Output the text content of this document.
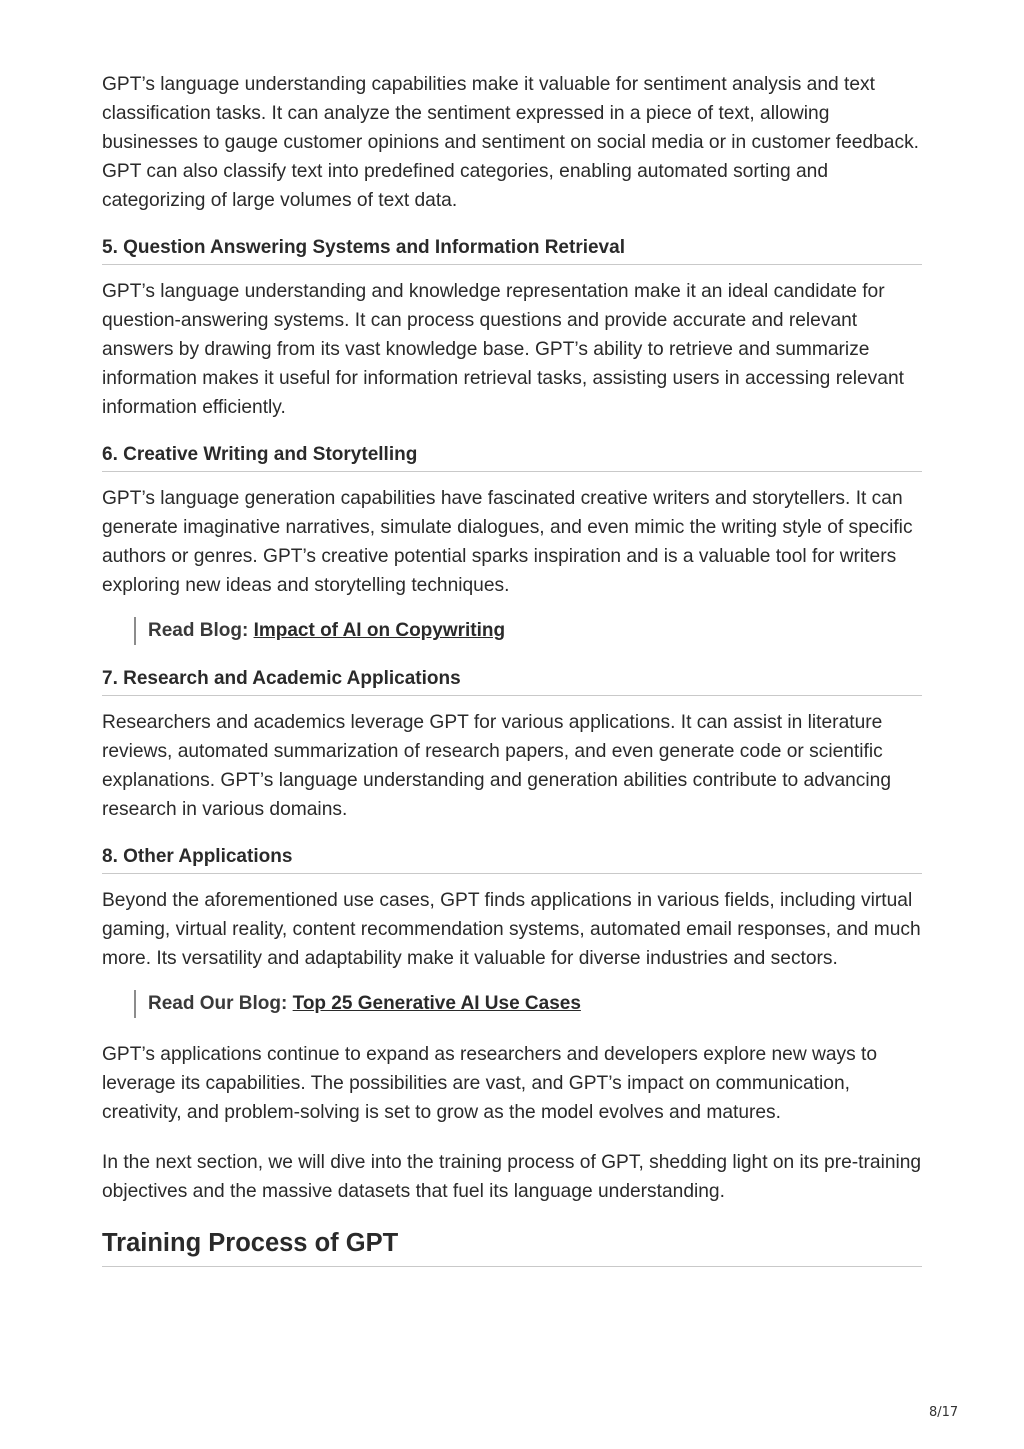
GPT’s language understanding capabilities make it valuable for sentiment analysis and text classification tasks. It can analyze the sentiment expressed in a piece of text, allowing businesses to gauge customer opinions and sentiment on social media or in customer feedback. GPT can also classify text into predefined categories, enabling automated sorting and categorizing of large volumes of text data.

5. Question Answering Systems and Information Retrieval

GPT’s language understanding and knowledge representation make it an ideal candidate for question-answering systems. It can process questions and provide accurate and relevant answers by drawing from its vast knowledge base. GPT’s ability to retrieve and summarize information makes it useful for information retrieval tasks, assisting users in accessing relevant information efficiently.

6. Creative Writing and Storytelling

GPT’s language generation capabilities have fascinated creative writers and storytellers. It can generate imaginative narratives, simulate dialogues, and even mimic the writing style of specific authors or genres. GPT’s creative potential sparks inspiration and is a valuable tool for writers exploring new ideas and storytelling techniques.

Read Blog: Impact of AI on Copywriting
7. Research and Academic Applications

Researchers and academics leverage GPT for various applications. It can assist in literature reviews, automated summarization of research papers, and even generate code or scientific explanations. GPT’s language understanding and generation abilities contribute to advancing research in various domains.

8. Other Applications

Beyond the aforementioned use cases, GPT finds applications in various fields, including virtual gaming, virtual reality, content recommendation systems, automated email responses, and much more. Its versatility and adaptability make it valuable for diverse industries and sectors.

Read Our Blog: Top 25 Generative AI Use Cases

GPT’s applications continue to expand as researchers and developers explore new ways to leverage its capabilities. The possibilities are vast, and GPT’s impact on communication, creativity, and problem-solving is set to grow as the model evolves and matures.

In the next section, we will dive into the training process of GPT, shedding light on its pre-training objectives and the massive datasets that fuel its language understanding.

Training Process of GPT
8/17
